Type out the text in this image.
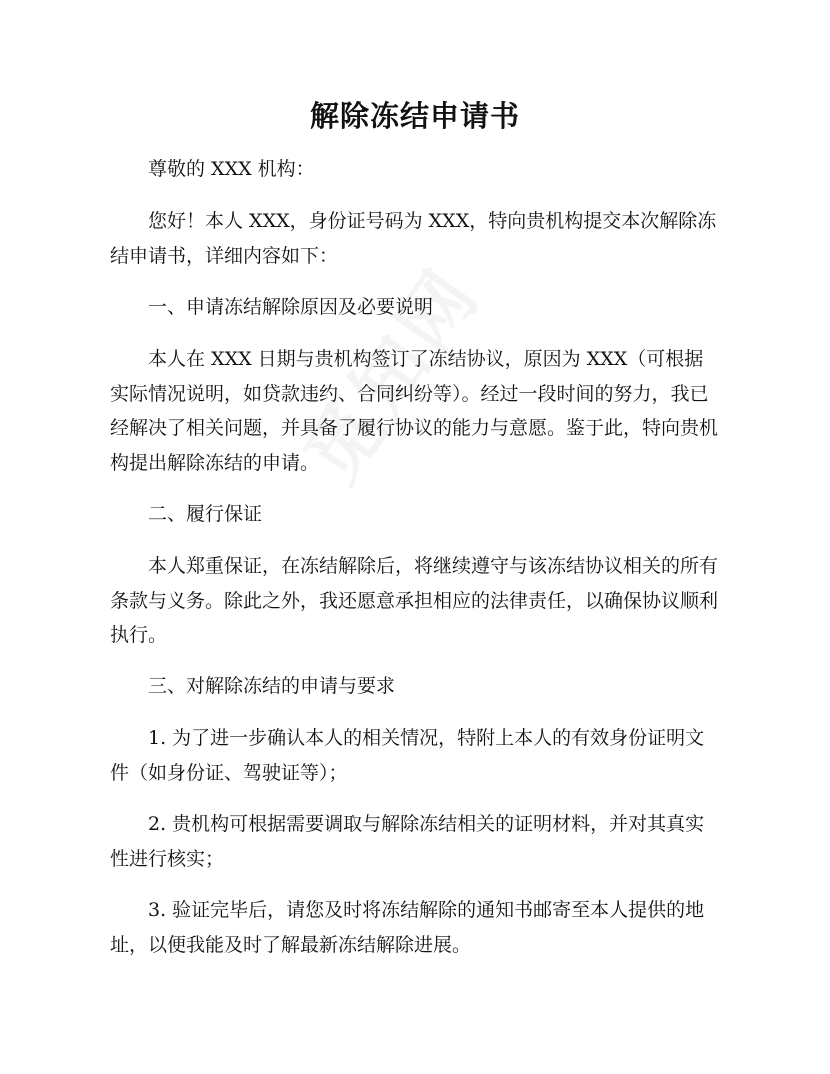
解除冻结申请书

尊敬的 XXX 机构：

您好！本人 XXX，身份证号码为 XXX，特向贵机构提交本次解除冻结申请书，详细内容如下：

一、申请冻结解除原因及必要说明

本人在 XXX 日期与贵机构签订了冻结协议，原因为 XXX（可根据实际情况说明，如贷款违约、合同纠纷等）。经过一段时间的努力，我已经解决了相关问题，并具备了履行协议的能力与意愿。鉴于此，特向贵机构提出解除冻结的申请。

二、履行保证

本人郑重保证，在冻结解除后，将继续遵守与该冻结协议相关的所有条款与义务。除此之外，我还愿意承担相应的法律责任，以确保协议顺利执行。

三、对解除冻结的申请与要求

1. 为了进一步确认本人的相关情况，特附上本人的有效身份证明文件（如身份证、驾驶证等）；

2. 贵机构可根据需要调取与解除冻结相关的证明材料，并对其真实性进行核实；

3. 验证完毕后，请您及时将冻结解除的通知书邮寄至本人提供的地址，以便我能及时了解最新冻结解除进展。
